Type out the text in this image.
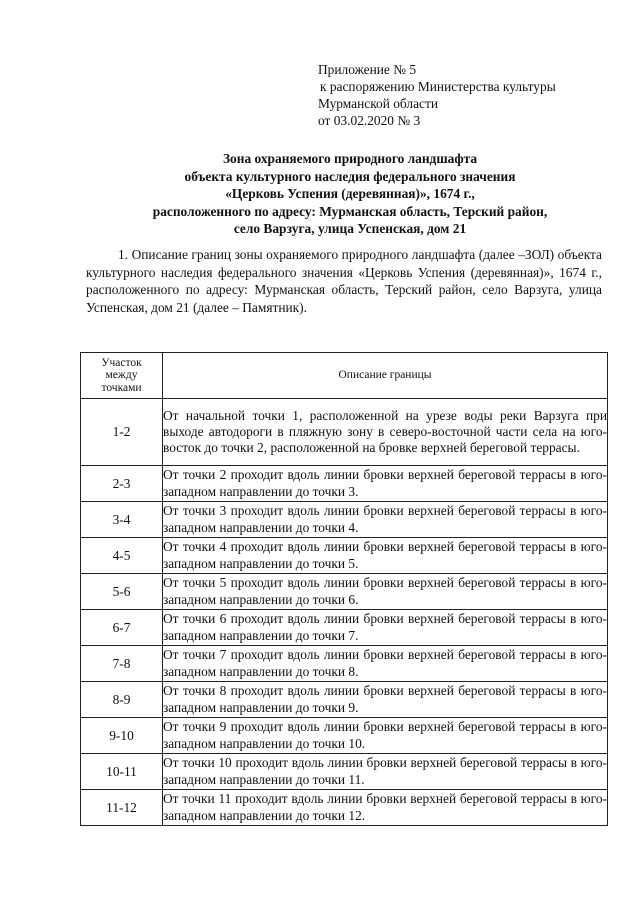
Приложение № 5
к распоряжению Министерства культуры
Мурманской области
от 03.02.2020 № 3
Зона охраняемого природного ландшафта
объекта культурного наследия федерального значения
«Церковь Успения (деревянная)», 1674 г.,
расположенного по адресу: Мурманская область, Терский район,
село Варзуга, улица Успенская, дом 21

1. Описание границ зоны охраняемого природного ландшафта (далее –ЗОЛ) объекта культурного наследия федерального значения «Церковь Успения (деревянная)», 1674 г., расположенного по адресу: Мурманская область, Терский район, село Варзуга, улица Успенская, дом 21 (далее – Памятник).

Участок
между
точками	Описание границы
1-2	От начальной точки 1, расположенной на урезе воды реки Варзуга при выходе автодороги в пляжную зону в северо-восточной части села на юго-восток до точки 2, расположенной на бровке верхней береговой террасы.
2-3	От точки 2 проходит вдоль линии бровки верхней береговой террасы в юго-западном направлении до точки 3.
3-4	От точки 3 проходит вдоль линии бровки верхней береговой террасы в юго-западном направлении до точки 4.
4-5	От точки 4 проходит вдоль линии бровки верхней береговой террасы в юго-западном направлении до точки 5.
5-6	От точки 5 проходит вдоль линии бровки верхней береговой террасы в юго-западном направлении до точки 6.
6-7	От точки 6 проходит вдоль линии бровки верхней береговой террасы в юго-западном направлении до точки 7.
7-8	От точки 7 проходит вдоль линии бровки верхней береговой террасы в юго-западном направлении до точки 8.
8-9	От точки 8 проходит вдоль линии бровки верхней береговой террасы в юго-западном направлении до точки 9.
9-10	От точки 9 проходит вдоль линии бровки верхней береговой террасы в юго-западном направлении до точки 10.
10-11	От точки 10 проходит вдоль линии бровки верхней береговой террасы в юго-западном направлении до точки 11.
11-12	От точки 11 проходит вдоль линии бровки верхней береговой террасы в юго-западном направлении до точки 12.
